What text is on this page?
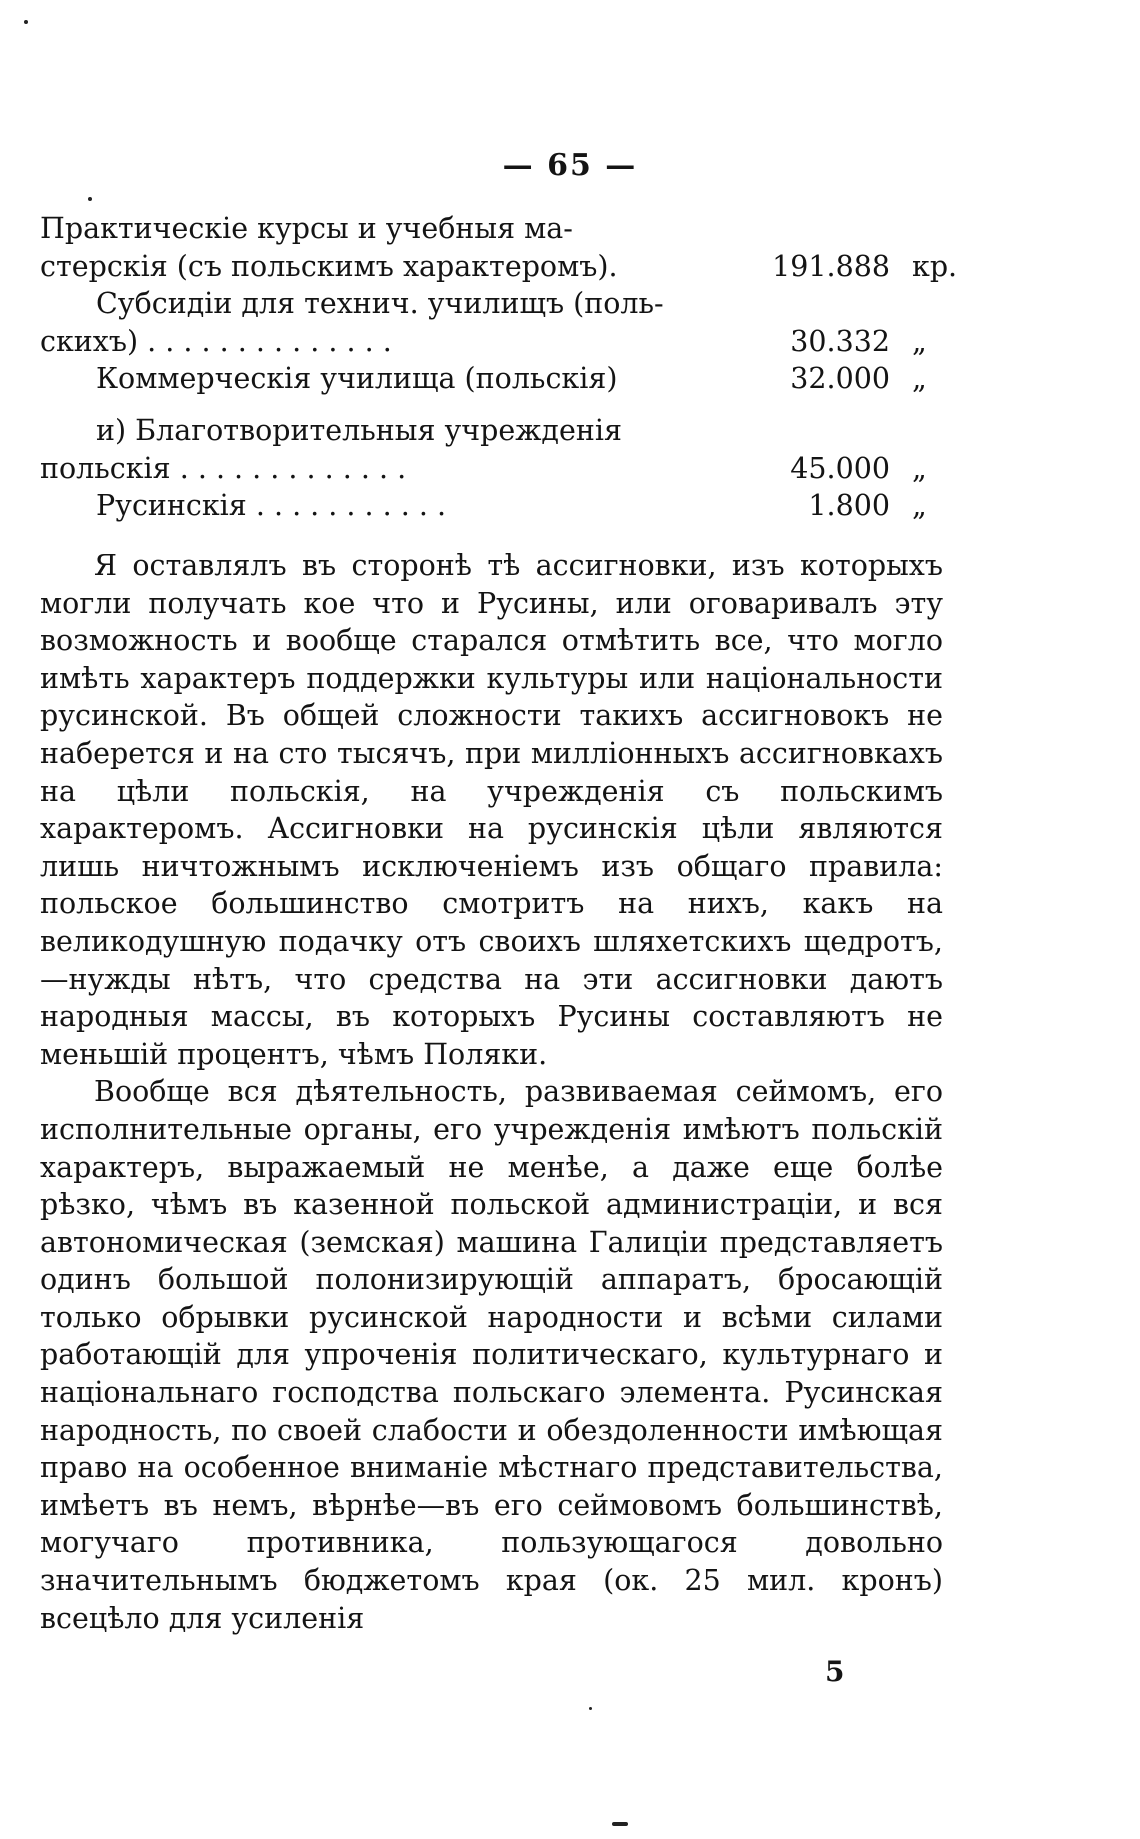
— 65 —
Практическіе курсы и учебныя ма-
стерскія (съ польскимъ характеромъ).	191.888 кр.
Субсидіи для технич. училищъ (поль-
скихъ) . . . . . . . . . . . . . .	30.332 „
Коммерческія училища (польскія)	32.000 „
и) Благотворительныя учрежденія
польскія . . . . . . . . . . . . .	45.000 „
Русинскія . . . . . . . . . . .	1.800 „

Я оставлялъ въ сторонѣ тѣ ассигновки, изъ которыхъ могли получать кое что и Русины, или оговаривалъ эту возможность и вообще старался отмѣтить все, что могло имѣть характеръ поддержки культуры или національности русинской. Въ общей сложности такихъ ассигновокъ не наберется и на сто тысячъ, при милліонныхъ ассигновкахъ на цѣли польскія, на учрежденія съ польскимъ характеромъ. Ассигновки на русинскія цѣли являются лишь ничтожнымъ исключеніемъ изъ общаго правила: польское большинство смотритъ на нихъ, какъ на великодушную подачку отъ своихъ шляхетскихъ щедротъ,—нужды нѣтъ, что средства на эти ассигновки даютъ народныя массы, въ которыхъ Русины составляютъ не меньшій процентъ, чѣмъ Поляки.

Вообще вся дѣятельность, развиваемая сеймомъ, его исполнительные органы, его учрежденія имѣютъ польскій характеръ, выражаемый не менѣе, а даже еще болѣе рѣзко, чѣмъ въ казенной польской администраціи, и вся автономическая (земская) машина Галиціи представляетъ одинъ большой полонизирующій аппаратъ, бросающій только обрывки русинской народности и всѣми силами работающій для упроченія политическаго, культурнаго и національнаго господства польскаго элемента. Русинская народность, по своей слабости и обездоленности имѣющая право на особенное вниманіе мѣстнаго представительства, имѣетъ въ немъ, вѣрнѣе—въ его сеймовомъ большинствѣ, могучаго противника, пользующагося довольно значительнымъ бюджетомъ края (ок. 25 мил. кронъ) всецѣло для усиленія

5
